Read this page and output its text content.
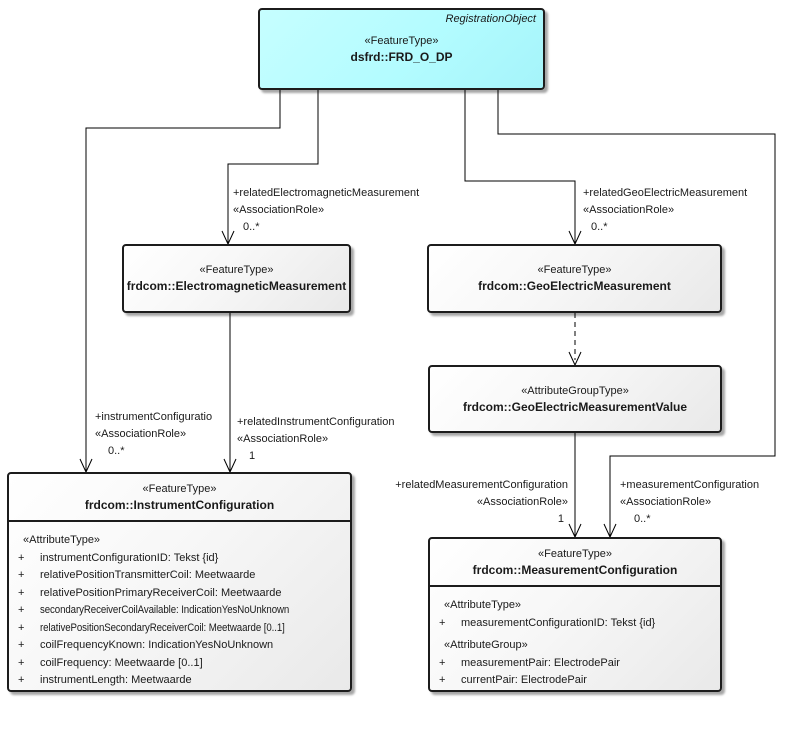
RegistrationObject
«FeatureType»
dsfrd::FRD_O_DP
«FeatureType»
frdcom::ElectromagneticMeasurement
«FeatureType»
frdcom::GeoElectricMeasurement
«AttributeGroupType»
frdcom::GeoElectricMeasurementValue
«FeatureType»
frdcom::InstrumentConfiguration
«AttributeType»
+ instrumentConfigurationID: Tekst {id}
+ relativePositionTransmitterCoil: Meetwaarde
+ relativePositionPrimaryReceiverCoil: Meetwaarde
+ secondaryReceiverCoilAvailable: IndicationYesNoUnknown
+ relativePositionSecondaryReceiverCoil: Meetwaarde [0..1]
+ coilFrequencyKnown: IndicationYesNoUnknown
+ coilFrequency: Meetwaarde [0..1]
+ instrumentLength: Meetwaarde
«FeatureType»
frdcom::MeasurementConfiguration
«AttributeType»
+ measurementConfigurationID: Tekst {id}
«AttributeGroup»
+ measurementPair: ElectrodePair
+ currentPair: ElectrodePair
+relatedElectromagneticMeasurement
«AssociationRole»
0..*
+relatedGeoElectricMeasurement
«AssociationRole»
0..*
+instrumentConfiguratio
«AssociationRole»
0..*
+relatedInstrumentConfiguration
«AssociationRole»
1
+relatedMeasurementConfiguration
«AssociationRole»
1
+measurementConfiguration
«AssociationRole»
0..*
